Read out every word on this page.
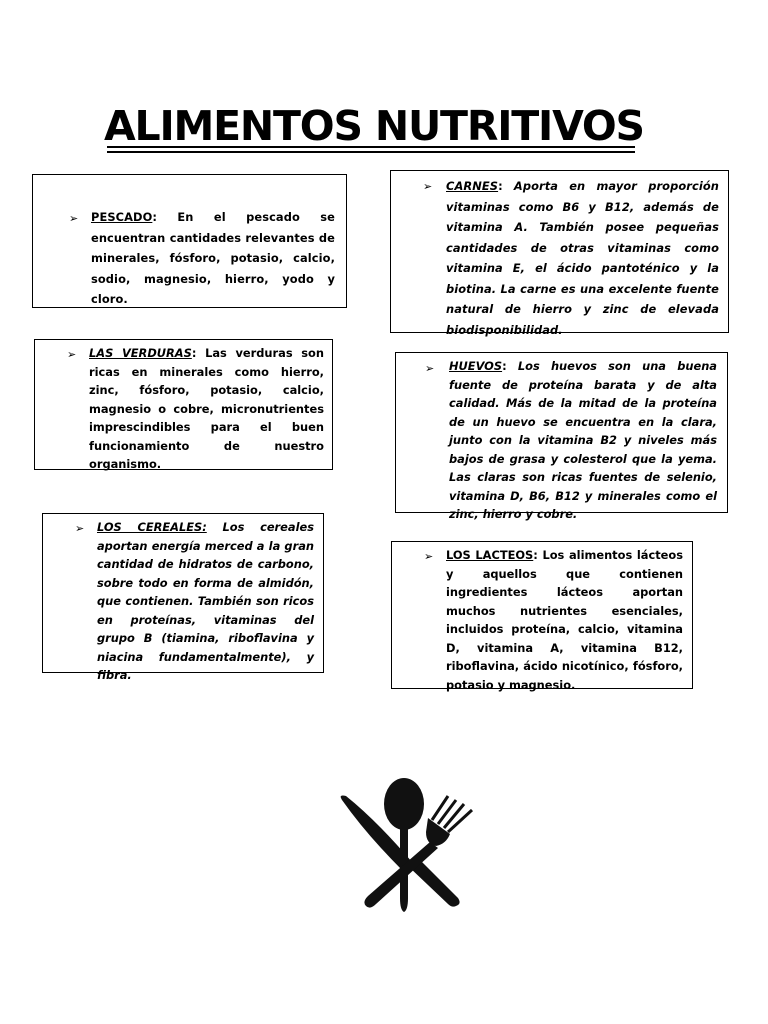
ALIMENTOS NUTRITIVOS
➢ PESCADO: En el pescado se encuentran cantidades relevantes de minerales, fósforo, potasio, calcio, sodio, magnesio, hierro, yodo y cloro.
➢ CARNES: Aporta en mayor proporción vitaminas como B6 y B12, además de vitamina A. También posee pequeñas cantidades de otras vitaminas como vitamina E, el ácido pantoténico y la biotina. La carne es una excelente fuente natural de hierro y zinc de elevada biodisponibilidad.
➢ LAS VERDURAS: Las verduras son ricas en minerales como hierro, zinc, fósforo, potasio, calcio, magnesio o cobre, micronutrientes imprescindibles para el buen funcionamiento de nuestro organismo.
➢ HUEVOS: Los huevos son una buena fuente de proteína barata y de alta calidad. Más de la mitad de la proteína de un huevo se encuentra en la clara, junto con la vitamina B2 y niveles más bajos de grasa y colesterol que la yema. Las claras son ricas fuentes de selenio, vitamina D, B6, B12 y minerales como el zinc, hierro y cobre.
➢ LOS CEREALES: Los cereales aportan energía merced a la gran cantidad de hidratos de carbono, sobre todo en forma de almidón, que contienen. También son ricos en proteínas, vitaminas del grupo B (tiamina, riboflavina y niacina fundamentalmente), y fibra.
➢ LOS LACTEOS: Los alimentos lácteos y aquellos que contienen ingredientes lácteos aportan muchos nutrientes esenciales, incluidos proteína, calcio, vitamina D, vitamina A, vitamina B12, riboflavina, ácido nicotínico, fósforo, potasio y magnesio.
